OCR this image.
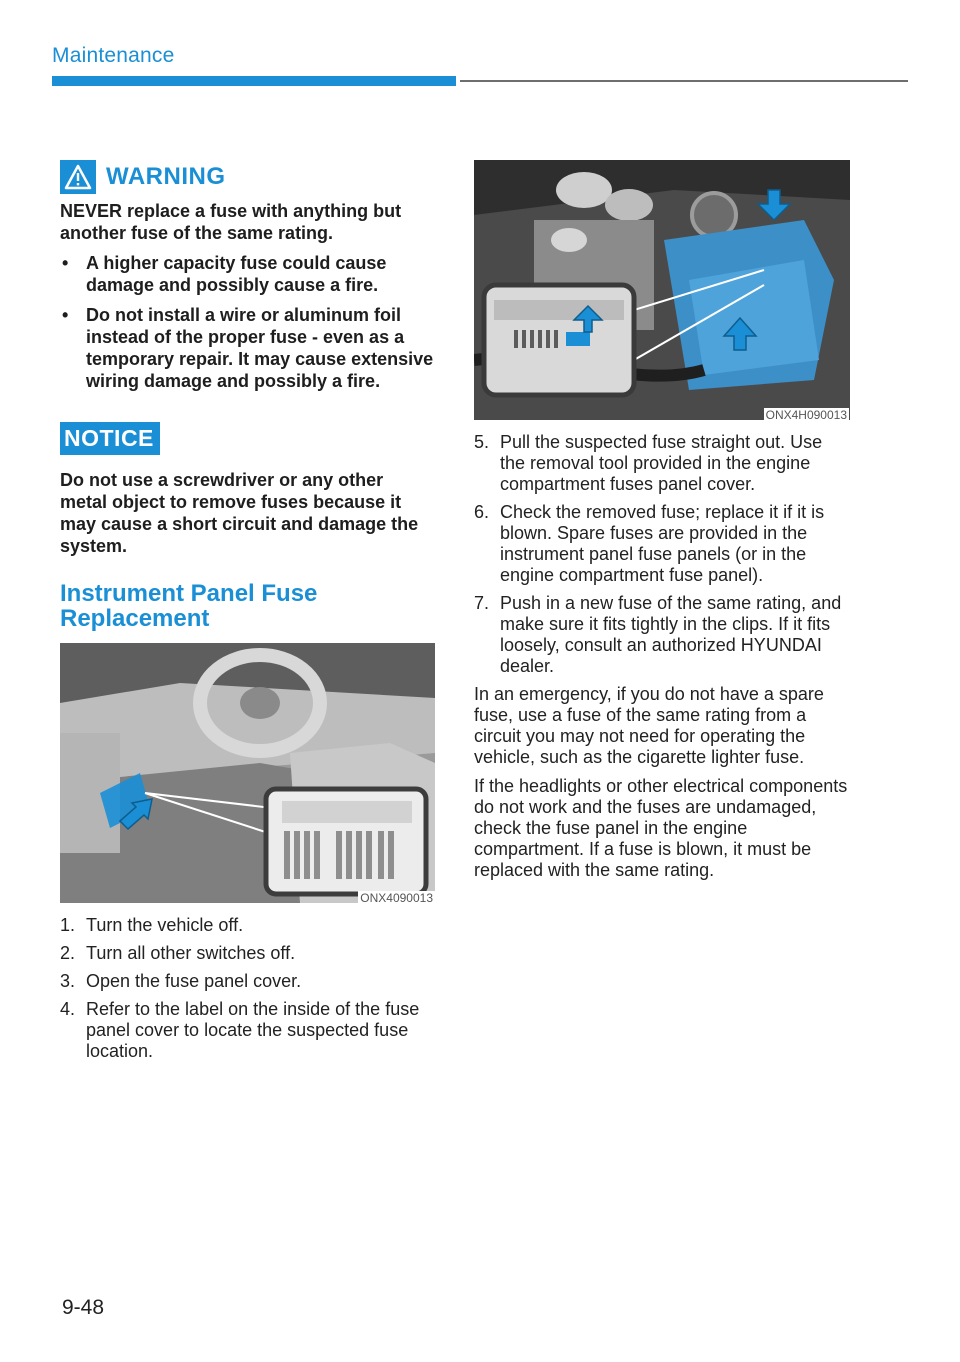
Maintenance
WARNING

NEVER replace a fuse with anything but another fuse of the same rating.

• A higher capacity fuse could cause damage and possibly cause a fire.
• Do not install a wire or aluminum foil instead of the proper fuse - even as a temporary repair. It may cause extensive wiring damage and possibly a fire.
NOTICE

Do not use a screwdriver or any other metal object to remove fuses because it may cause a short circuit and damage the system.

Instrument Panel Fuse
Replacement
ONX4090013
1. Turn the vehicle off.
2. Turn all other switches off.
3. Open the fuse panel cover.
4. Refer to the label on the inside of the fuse panel cover to locate the suspected fuse location.
ONX4H090013
5. Pull the suspected fuse straight out. Use the removal tool provided in the engine compartment fuses panel cover.
6. Check the removed fuse; replace it if it is blown. Spare fuses are provided in the instrument panel fuse panels (or in the engine compartment fuse panel).
7. Push in a new fuse of the same rating, and make sure it fits tightly in the clips. If it fits loosely, consult an authorized HYUNDAI dealer.

In an emergency, if you do not have a spare fuse, use a fuse of the same rating from a circuit you may not need for operating the vehicle, such as the cigarette lighter fuse.

If the headlights or other electrical components do not work and the fuses are undamaged, check the fuse panel in the engine compartment. If a fuse is blown, it must be replaced with the same rating.

9-48
